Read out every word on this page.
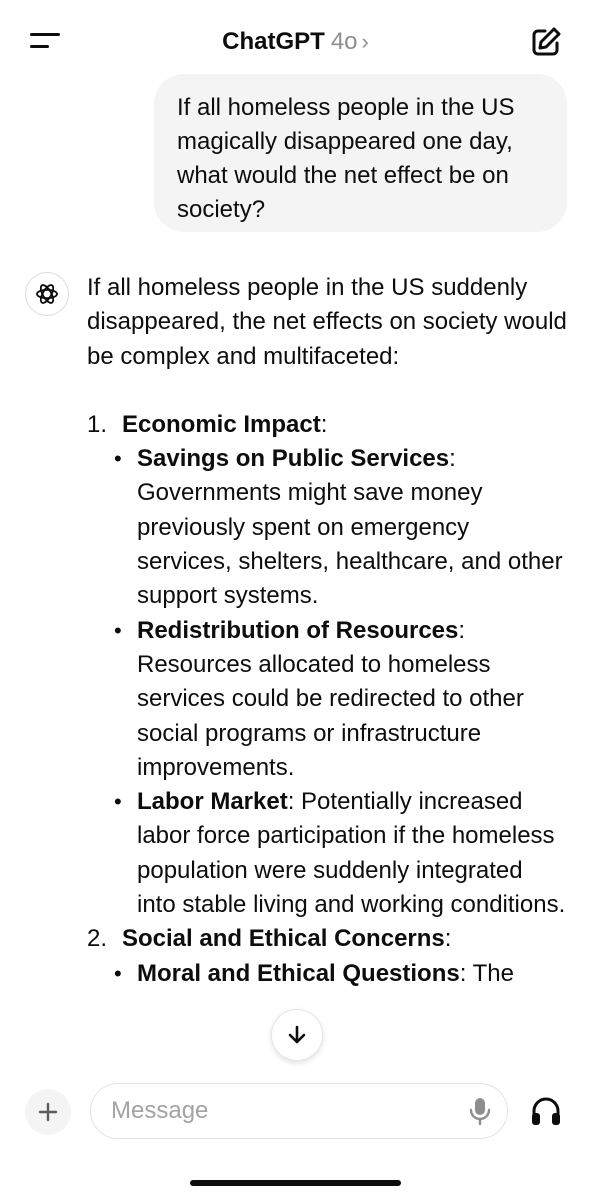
ChatGPT 4o ›
If all homeless people in the US magically disappeared one day, what would the net effect be on society?

If all homeless people in the US suddenly disappeared, the net effects on society would be complex and multifaceted:

1. Economic Impact:
• Savings on Public Services: Governments might save money previously spent on emergency services, shelters, healthcare, and other support systems.
• Redistribution of Resources: Resources allocated to homeless services could be redirected to other social programs or infrastructure improvements.
• Labor Market: Potentially increased labor force participation if the homeless population were suddenly integrated into stable living and working conditions.
2. Social and Ethical Concerns:
• Moral and Ethical Questions: The
Message
